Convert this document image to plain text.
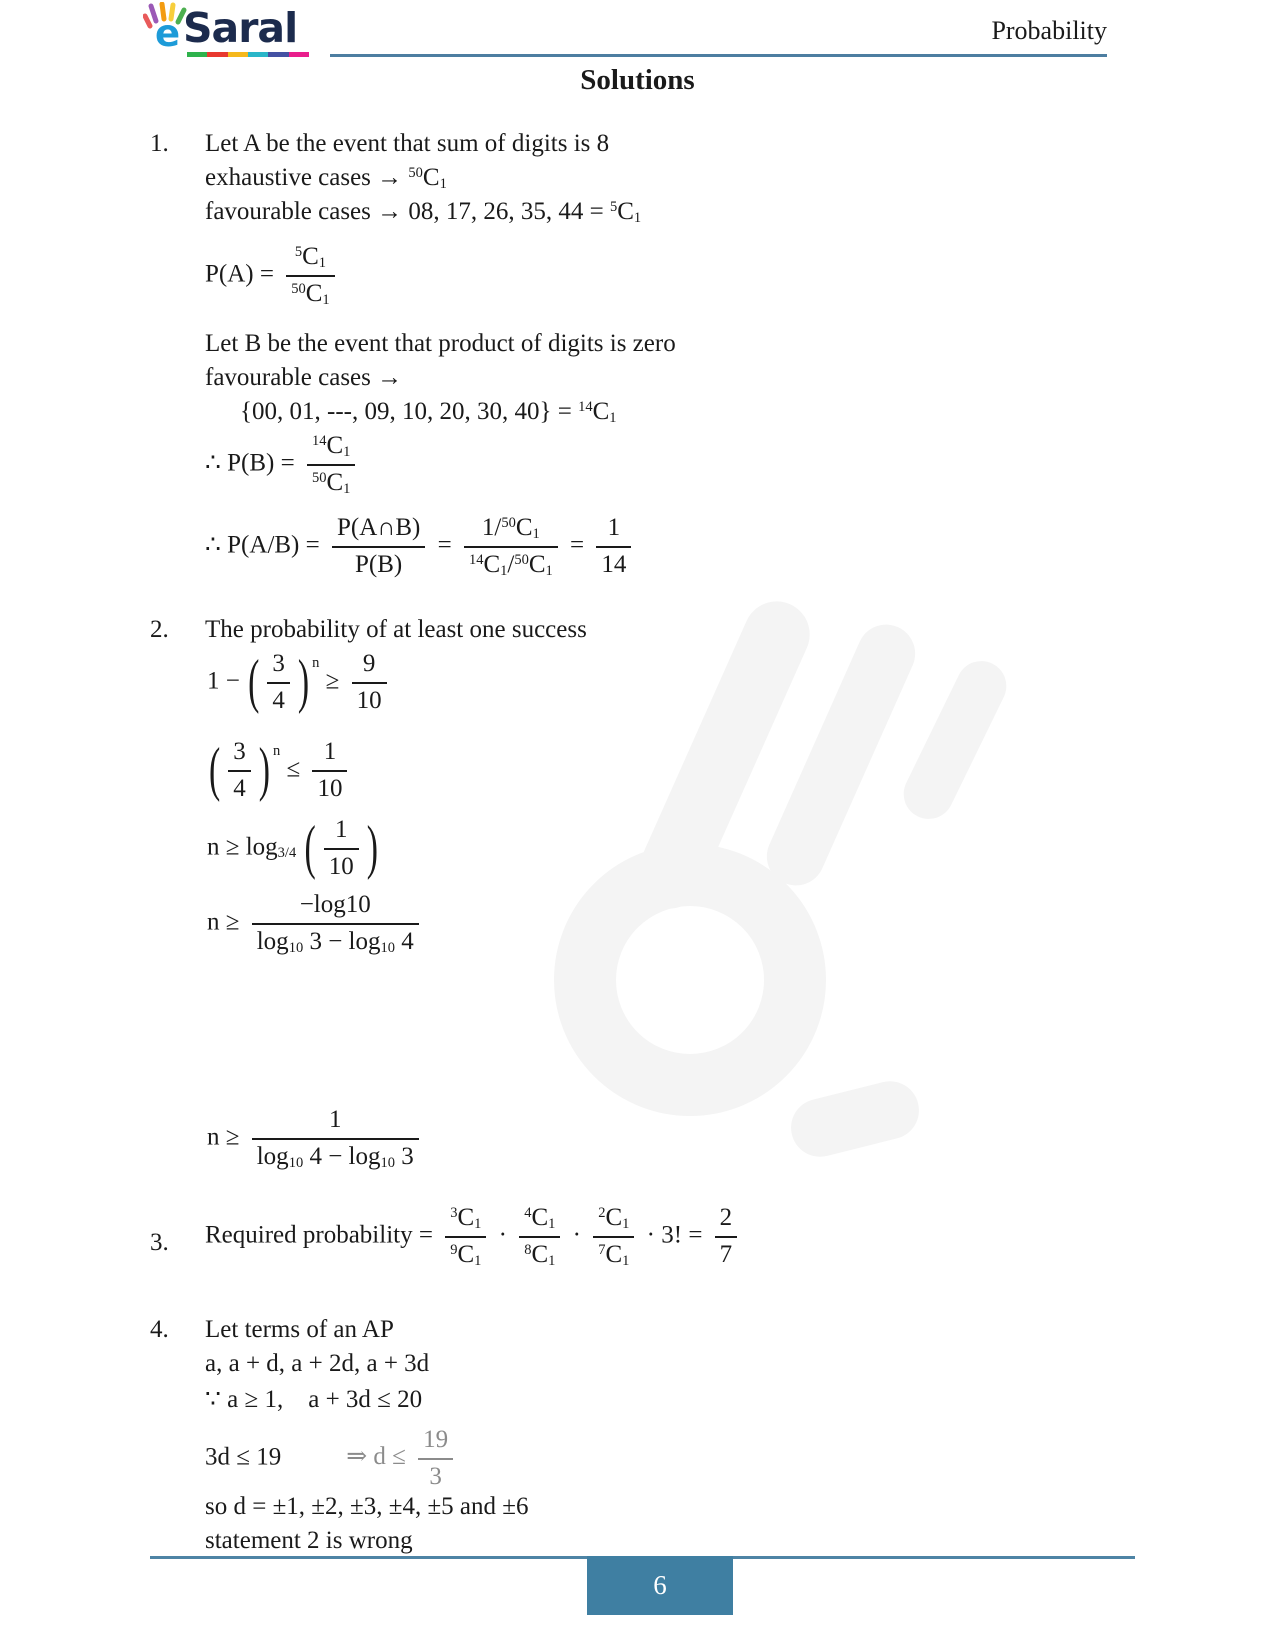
e Saral	Probability
Solutions
1. Let A be the event that sum of digits is 8
exhaustive cases → $^{50}C_1$
favourable cases → 08, 17, 26, 35, $44 = ^5C_1$
$P(A) = \frac{^5C_1}{^{50}C_1}$
Let B be the event that product of digits is zero
favourable cases →
{00, 01, ---, 09, 10, 20, 30, $40\} = ^{14}C_1$
∴ $P(B) = \frac{^{14}C_1}{^{50}C_1}$
∴ $P(A/B) = \frac{P(A\cap B)}{P(B)} = \frac{1/^{50}C_1}{^{14}C_1/^{50}C_1} = \frac{1}{14}$
2. The probability of at least one success
1 − ( $\frac{3}{4}$ ) $^n \ge \frac{9}{10}$
( $\frac{3}{4}$ ) $^n \le \frac{1}{10}$
$n \ge \log_{3/4}$ ( $\frac{1}{10}$ )
$n \ge \frac{-\log 10}{\log_{10} 3 - \log_{10} 4}$
$n \ge \frac{1}{\log_{10} 4 - \log_{10} 3}$
3. Required probability = $\frac{^3C_1}{^9C_1} \cdot \frac{^4C_1}{^8C_1} \cdot \frac{^2C_1}{^7C_1} \cdot 3$! = $\frac{2}{7}$
4. Let terms of an AP
a, a + d, a + 2d, a + 3d
∵ a ≥ 1,    a + 3d ≤ 20
3d ≤ 19	⇒ $d \le \frac{19}{3}$
so d = ±1, ±2, ±3, ±4, ±5 and ±6
statement 2 is wrong
6
